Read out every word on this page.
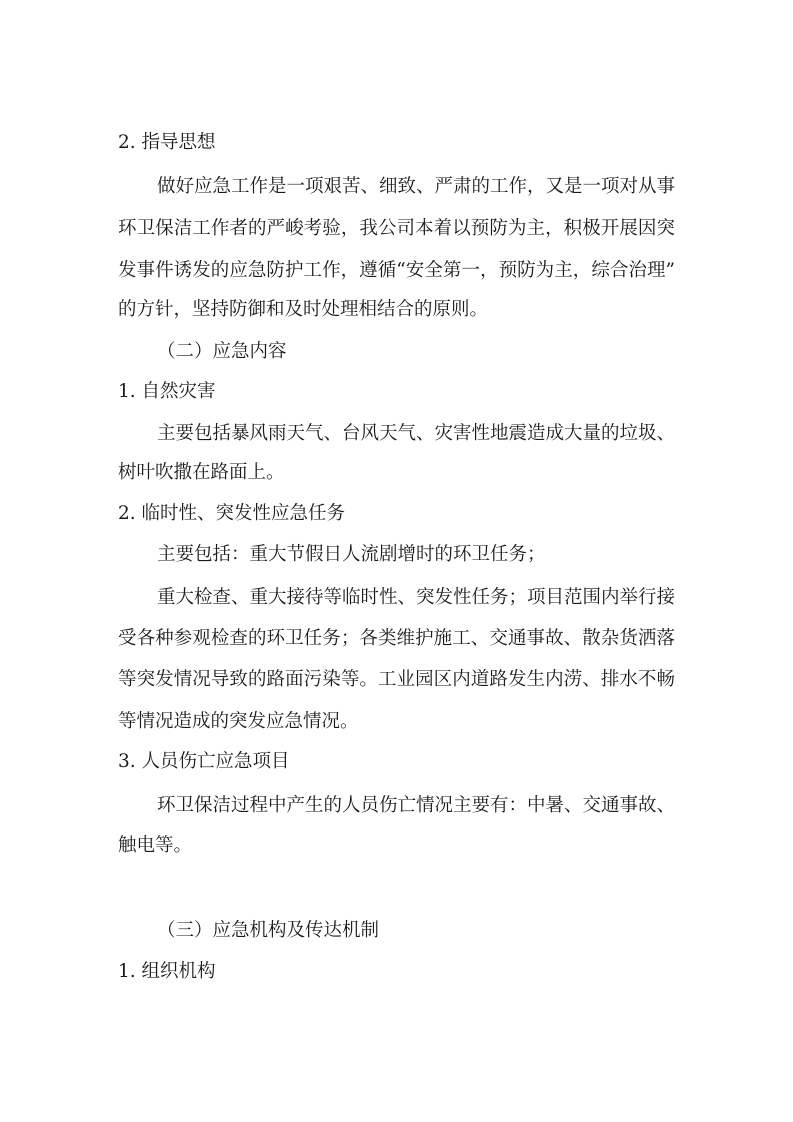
2. 指导思想
做好应急工作是一项艰苦、细致、严肃的工作，又是一项对从事
环卫保洁工作者的严峻考验，我公司本着以预防为主，积极开展因突
发事件诱发的应急防护工作，遵循“安全第一，预防为主，综合治理”
的方针，坚持防御和及时处理相结合的原则。
（二）应急内容
1. 自然灾害
主要包括暴风雨天气、台风天气、灾害性地震造成大量的垃圾、
树叶吹撒在路面上。
2. 临时性、突发性应急任务
主要包括：重大节假日人流剧增时的环卫任务；
重大检查、重大接待等临时性、突发性任务；项目范围内举行接
受各种参观检查的环卫任务；各类维护施工、交通事故、散杂货洒落
等突发情况导致的路面污染等。工业园区内道路发生内涝、排水不畅
等情况造成的突发应急情况。
3. 人员伤亡应急项目
环卫保洁过程中产生的人员伤亡情况主要有：中暑、交通事故、
触电等。
（三）应急机构及传达机制
1. 组织机构
